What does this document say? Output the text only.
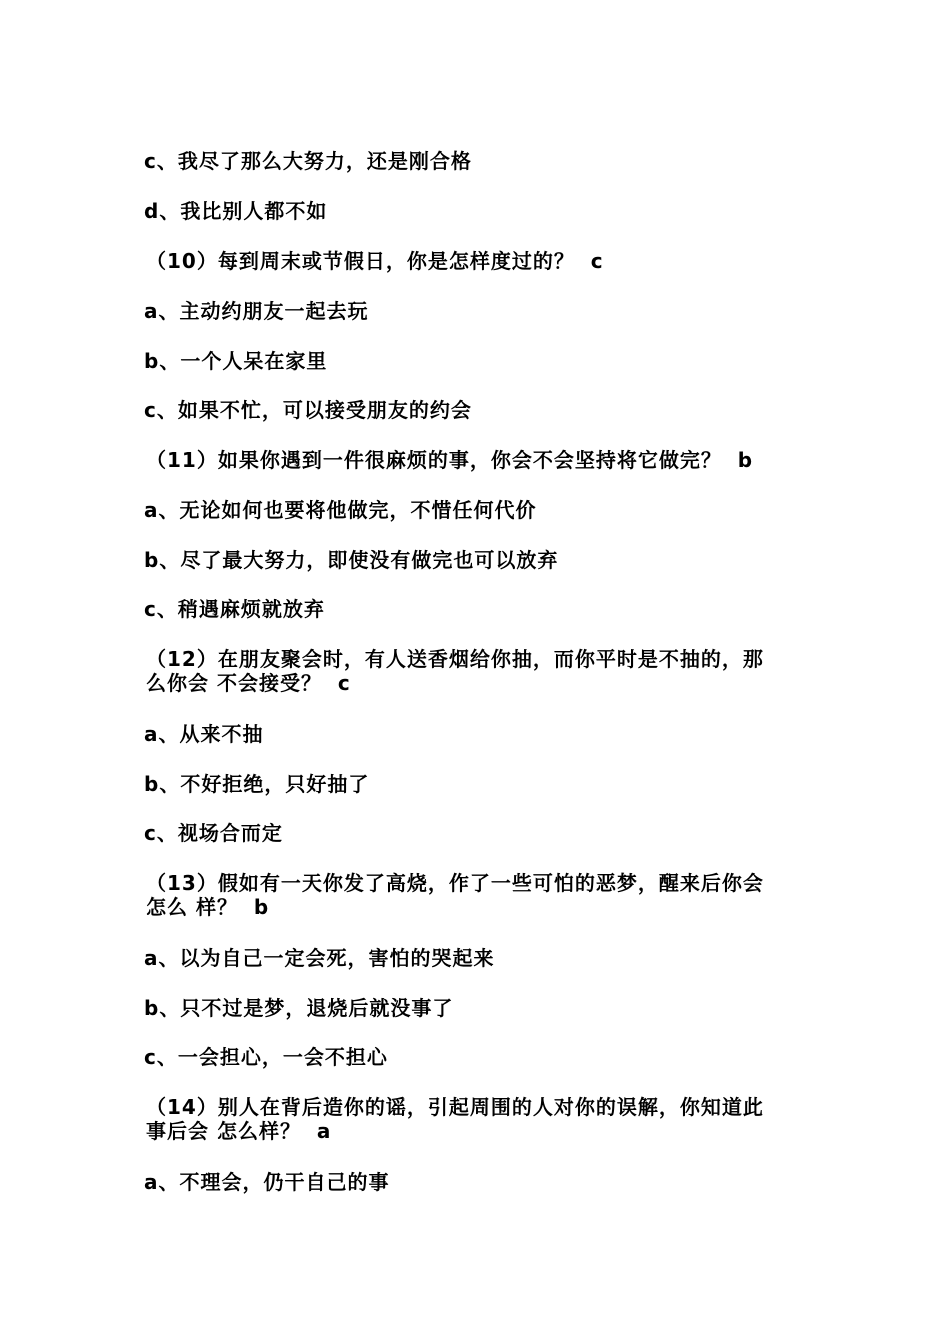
c、我尽了那么大努力，还是刚合格
d、我比别人都不如
（10）每到周末或节假日，你是怎样度过的？  c
a、主动约朋友一起去玩
b、一个人呆在家里
c、如果不忙，可以接受朋友的约会
（11）如果你遇到一件很麻烦的事，你会不会坚持将它做完？  b
a、无论如何也要将他做完，不惜任何代价
b、尽了最大努力，即使没有做完也可以放弃
c、稍遇麻烦就放弃
（12）在朋友聚会时，有人送香烟给你抽，而你平时是不抽的，那
么你会 不会接受？  c
a、从来不抽
b、不好拒绝，只好抽了
c、视场合而定
（13）假如有一天你发了高烧，作了一些可怕的恶梦，醒来后你会
怎么 样？  b
a、以为自己一定会死，害怕的哭起来
b、只不过是梦，退烧后就没事了
c、一会担心，一会不担心
（14）别人在背后造你的谣，引起周围的人对你的误解，你知道此
事后会 怎么样？  a
a、不理会，仍干自己的事
